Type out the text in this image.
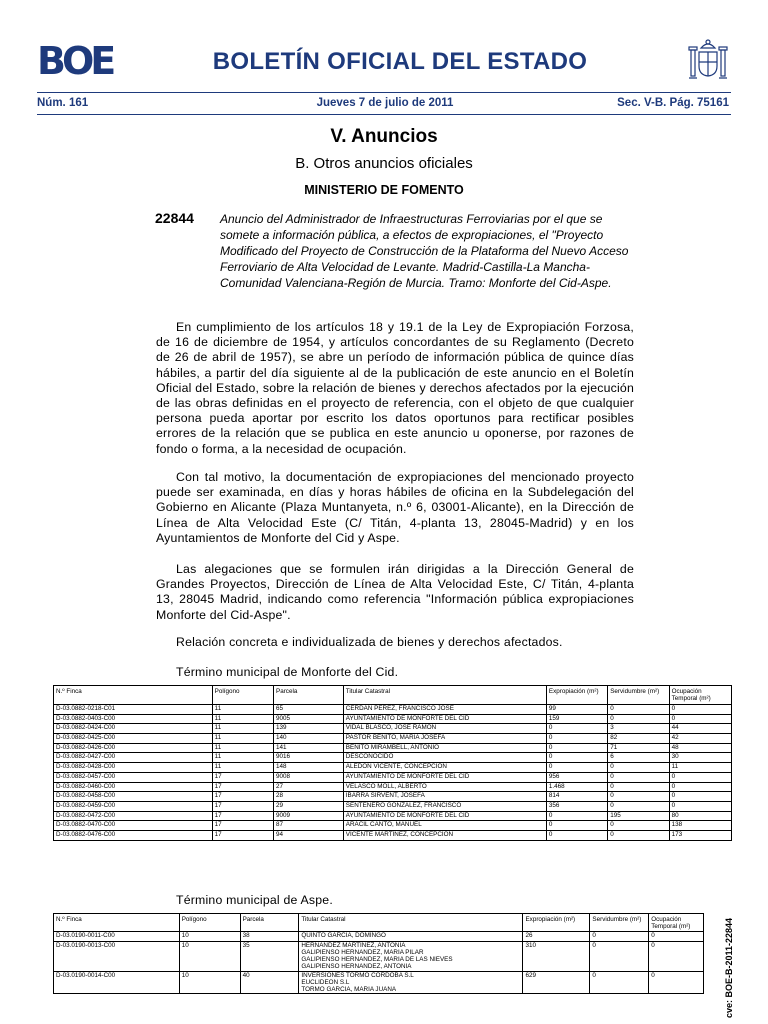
BOE	BOLETÍN OFICIAL DEL ESTADO
Núm. 161	Jueves 7 de julio de 2011	Sec. V-B. Pág. 75161
V. Anuncios
B. Otros anuncios oficiales
MINISTERIO DE FOMENTO
22844 Anuncio del Administrador de Infraestructuras Ferroviarias por el que se somete a información pública, a efectos de expropiaciones, el "Proyecto Modificado del Proyecto de Construcción de la Plataforma del Nuevo Acceso Ferroviario de Alta Velocidad de Levante. Madrid-Castilla-La Mancha-Comunidad Valenciana-Región de Murcia. Tramo: Monforte del Cid-Aspe.
En cumplimiento de los artículos 18 y 19.1 de la Ley de Expropiación Forzosa, de 16 de diciembre de 1954, y artículos concordantes de su Reglamento (Decreto de 26 de abril de 1957), se abre un período de información pública de quince días hábiles, a partir del día siguiente al de la publicación de este anuncio en el Boletín Oficial del Estado, sobre la relación de bienes y derechos afectados por la ejecución de las obras definidas en el proyecto de referencia, con el objeto de que cualquier persona pueda aportar por escrito los datos oportunos para rectificar posibles errores de la relación que se publica en este anuncio u oponerse, por razones de fondo o forma, a la necesidad de ocupación.
Con tal motivo, la documentación de expropiaciones del mencionado proyecto puede ser examinada, en días y horas hábiles de oficina en la Subdelegación del Gobierno en Alicante (Plaza Muntanyeta, n.º 6, 03001-Alicante), en la Dirección de Línea de Alta Velocidad Este (C/ Titán, 4-planta 13, 28045-Madrid) y en los Ayuntamientos de Monforte del Cid y Aspe.
Las alegaciones que se formulen irán dirigidas a la Dirección General de Grandes Proyectos, Dirección de Línea de Alta Velocidad Este, C/ Titán, 4-planta 13, 28045 Madrid, indicando como referencia "Información pública expropiaciones Monforte del Cid-Aspe".
Relación concreta e individualizada de bienes y derechos afectados.
Término municipal de Monforte del Cid.
N.º Finca	Polígono	Parcela	Titular Catastral	Expropiación (m²)	Servidumbre (m²)	Ocupación Temporal (m²)
D-03.0882-0218-C01	11	65	CERDAN PEREZ, FRANCISCO JOSE	99	0	0
D-03.0882-0403-C00	11	9005	AYUNTAMIENTO DE MONFORTE DEL CID	159	0	0
D-03.0882-0424-C00	11	139	VIDAL BLASCO, JOSE RAMON	0	3	44
D-03.0882-0425-C00	11	140	PASTOR BENITO, MARIA JOSEFA	0	82	42
D-03.0882-0426-C00	11	141	BENITO MIRAMBELL, ANTONIO	0	71	48
D-03.0882-0427-C00	11	9016	DESCONOCIDO	0	6	30
D-03.0882-0428-C00	11	148	ALEDON VICENTE, CONCEPCION	0	0	11
D-03.0882-0457-C00	17	9008	AYUNTAMIENTO DE MONFORTE DEL CID	956	0	0
D-03.0882-0460-C00	17	27	VELASCO MOLL, ALBERTO	1.468	0	0
D-03.0882-0458-C00	17	28	IBARRA SIRVENT, JOSEFA	814	0	0
D-03.0882-0459-C00	17	29	SENTENERO GONZALEZ, FRANCISCO	356	0	0
D-03.0882-0472-C00	17	9009	AYUNTAMIENTO DE MONFORTE DEL CID	0	195	80
D-03.0882-0470-C00	17	87	ARACIL CANTO, MANUEL	0	0	138
D-03.0882-0476-C00	17	94	VICENTE MARTINEZ, CONCEPCION	0	0	173
Término municipal de Aspe.
N.º Finca	Polígono	Parcela	Titular Catastral	Expropiación (m²)	Servidumbre (m²)	Ocupación Temporal (m²)
D-03.0190-0011-C00	10	38	QUINTO GARCIA, DOMINGO	26	0	0
D-03.0190-0013-C00	10	35	HERNANDEZ MARTINEZ, ANTONIA
GALIPIENSO HERNANDEZ, MARIA PILAR
GALIPIENSO HERNANDEZ, MARIA DE LAS NIEVES
GALIPIENSO HERNANDEZ, ANTONIA	310	0	0
D-03.0190-0014-C00	10	40	INVERSIONES TORMO CORDOBA S.L
EUCLIDEON S.L
TORMO GARCIA, MARIA JUANA	629	0	0	cve: BOE-B-2011-22844
